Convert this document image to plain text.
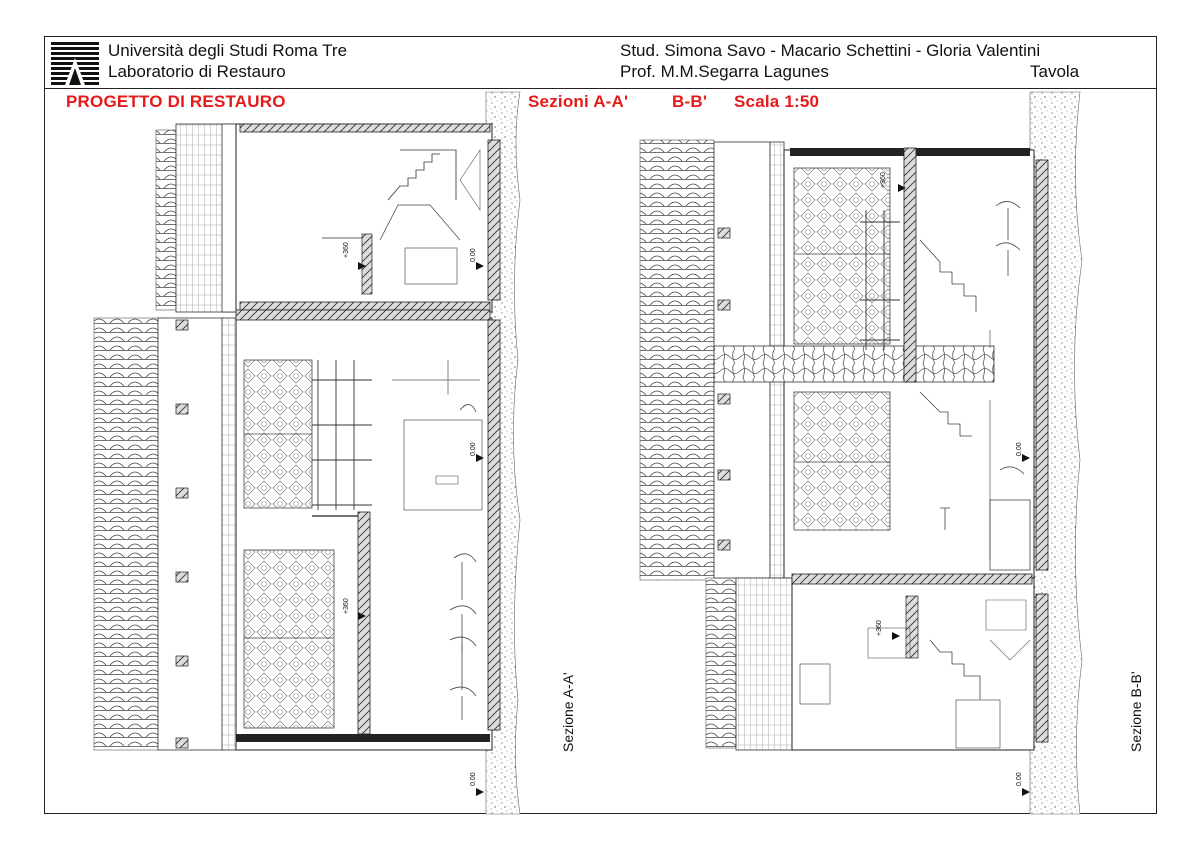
Università degli Studi Roma Tre
Laboratorio di Restauro
Stud. Simona Savo - Macario Schettini - Gloria Valentini
Prof. M.M.Segarra Lagunes	Tavola
PROGETTO DI RESTAURO	Sezioni A-A'	B-B' Scala 1:50
Sezione A-A'	Sezione B-B'
0.00
0.00
0.00
+360
+360
+360
0.00
+360
0.00
